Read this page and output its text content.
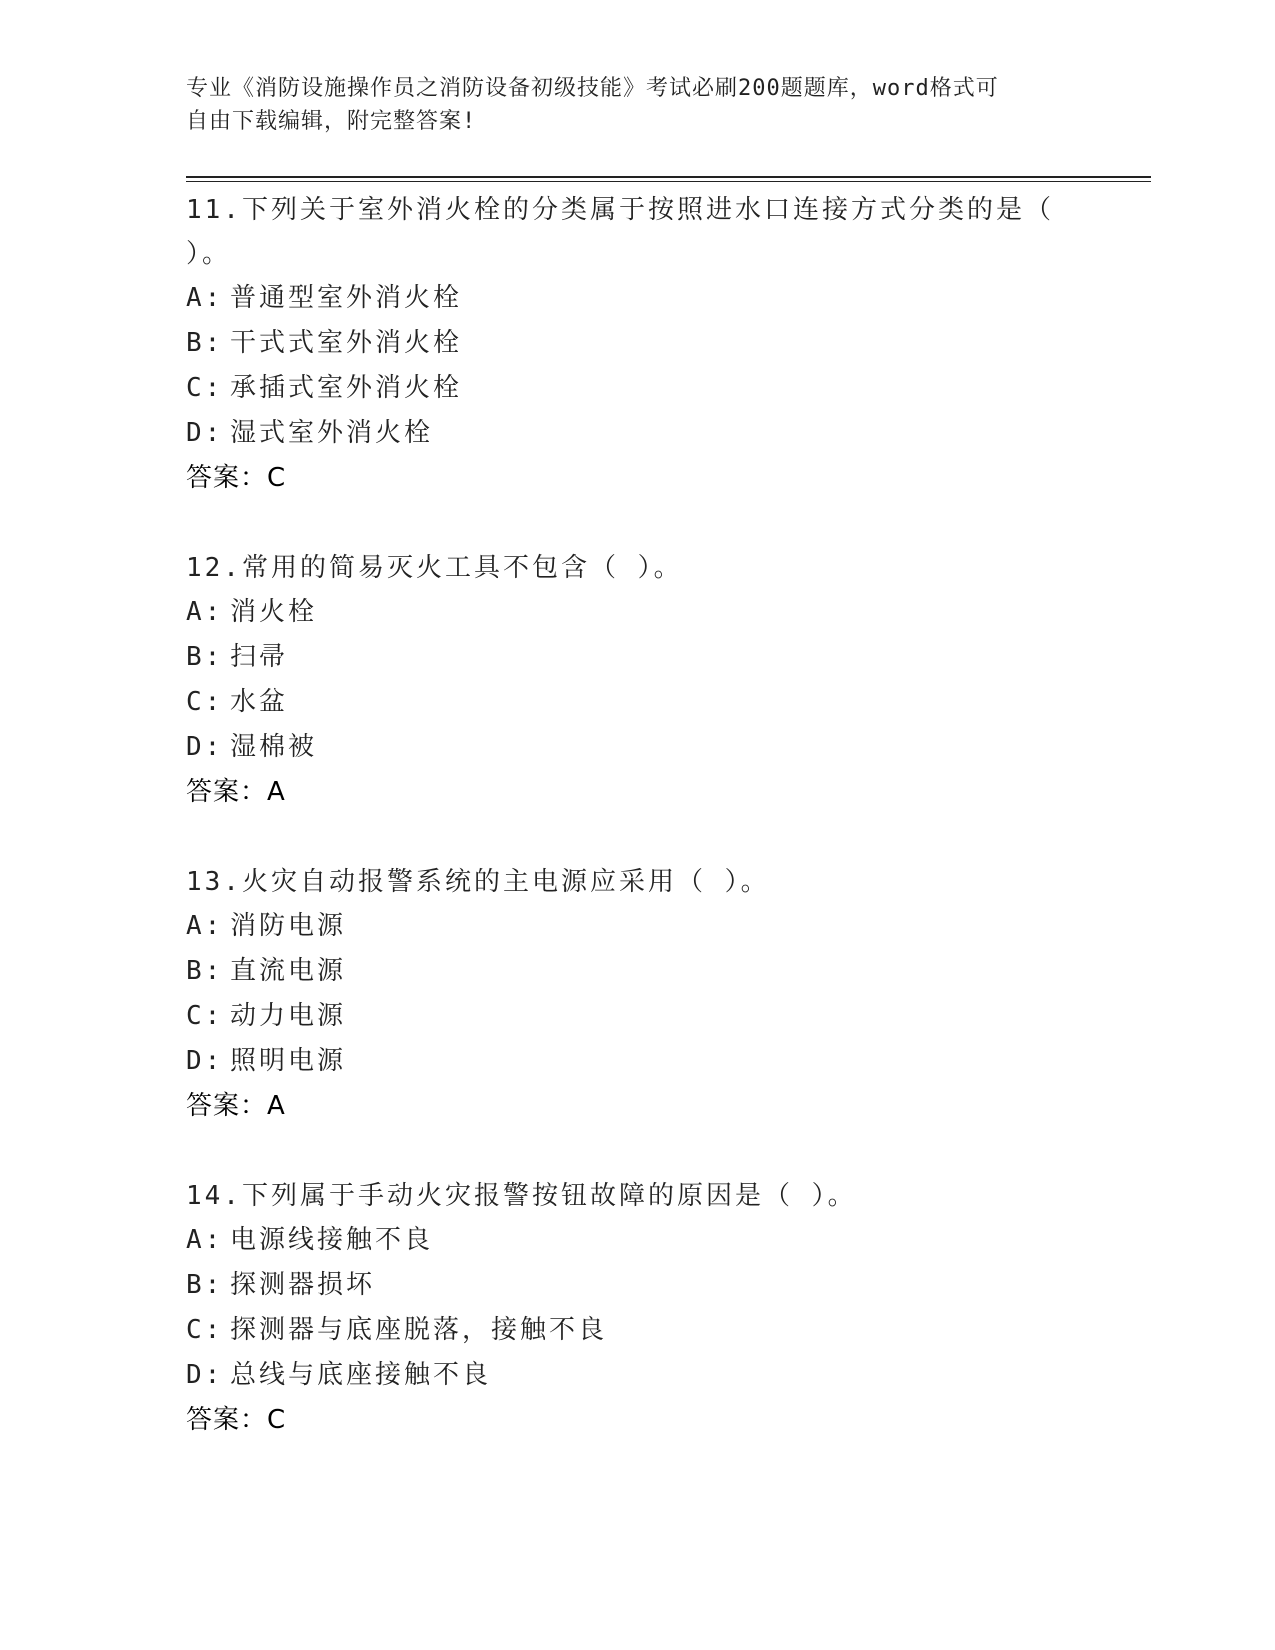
专业《消防设施操作员之消防设备初级技能》考试必刷200题题库，word格式可
自由下载编辑，附完整答案!
11.下列关于室外消火栓的分类属于按照进水口连接方式分类的是（ ）。
A: 普通型室外消火栓
B: 干式式室外消火栓
C: 承插式室外消火栓
D: 湿式室外消火栓
答案：C
12.常用的简易灭火工具不包含（ ）。
A: 消火栓
B: 扫帚
C: 水盆
D: 湿棉被
答案：A
13.火灾自动报警系统的主电源应采用（ ）。
A: 消防电源
B: 直流电源
C: 动力电源
D: 照明电源
答案：A
14.下列属于手动火灾报警按钮故障的原因是（ ）。
A: 电源线接触不良
B: 探测器损坏
C: 探测器与底座脱落，接触不良
D: 总线与底座接触不良
答案：C
